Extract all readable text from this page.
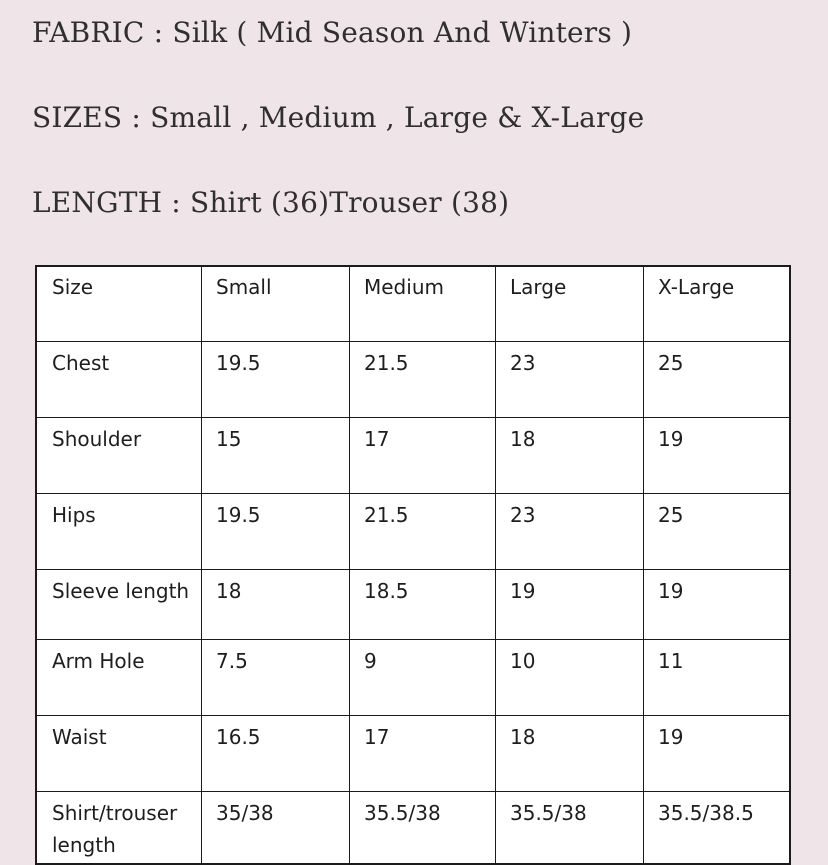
FABRIC : Silk ( Mid Season And Winters )

SIZES : Small , Medium , Large & X-Large

LENGTH : Shirt (36)Trouser (38)

Size	Small	Medium	Large	X-Large
Chest	19.5	21.5	23	25
Shoulder	15	17	18	19
Hips	19.5	21.5	23	25
Sleeve length	18	18.5	19	19
Arm Hole	7.5	9	10	11
Waist	16.5	17	18	19
Shirt/trouser length	35/38	35.5/38	35.5/38	35.5/38.5
